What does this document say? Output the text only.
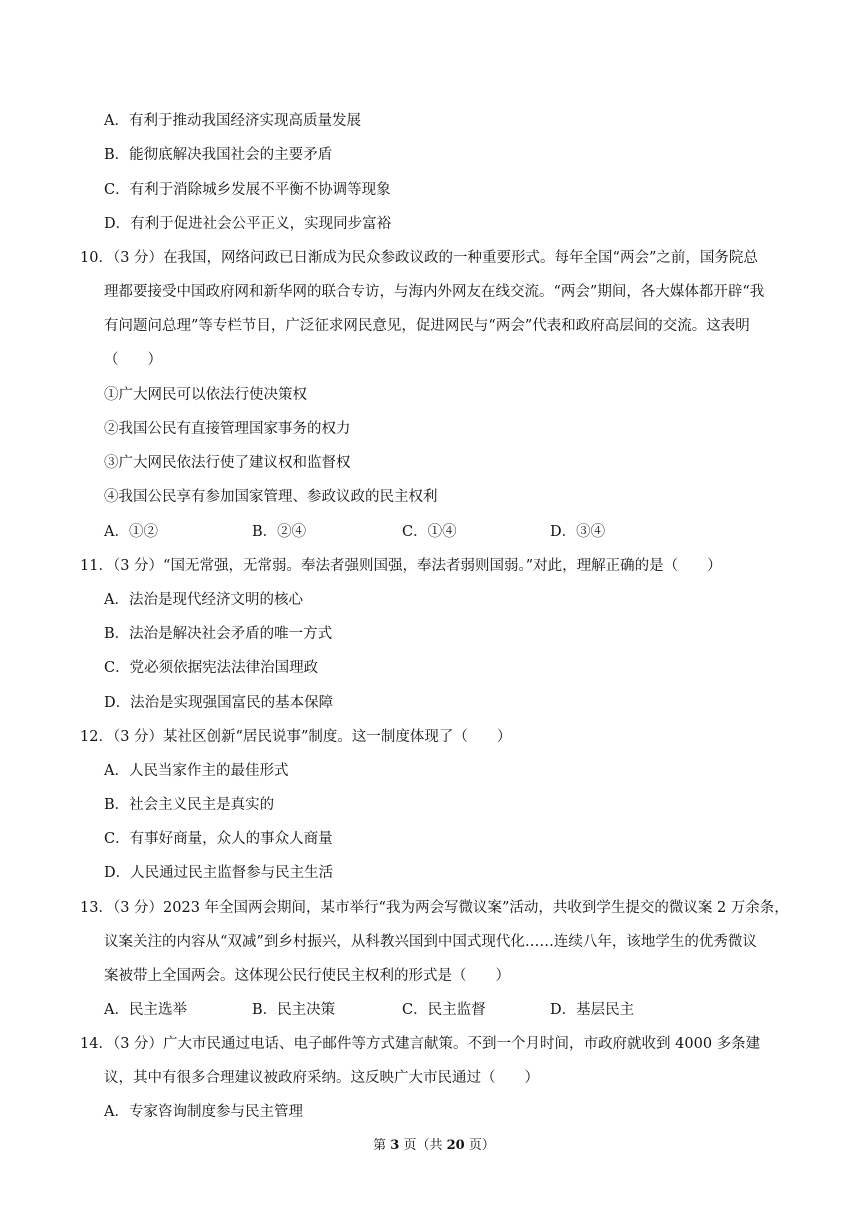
A．有利于推动我国经济实现高质量发展
B．能彻底解决我国社会的主要矛盾
C．有利于消除城乡发展不平衡不协调等现象
D．有利于促进社会公平正义，实现同步富裕
10．（3 分）在我国，网络问政已日渐成为民众参政议政的一种重要形式。每年全国“两会”之前，国务院总
理都要接受中国政府网和新华网的联合专访，与海内外网友在线交流。“两会”期间，各大媒体都开辟“我
有问题问总理”等专栏节目，广泛征求网民意见，促进网民与“两会”代表和政府高层间的交流。这表明
（　　）
①广大网民可以依法行使决策权
②我国公民有直接管理国家事务的权力
③广大网民依法行使了建议权和监督权
④我国公民享有参加国家管理、参政议政的民主权利
A．①②	B．②④	C．①④	D．③④
11．（3 分）“国无常强，无常弱。奉法者强则国强，奉法者弱则国弱。”对此，理解正确的是（　　）
A．法治是现代经济文明的核心
B．法治是解决社会矛盾的唯一方式
C．党必须依据宪法法律治国理政
D．法治是实现强国富民的基本保障
12．（3 分）某社区创新“居民说事”制度。这一制度体现了（　　）
A．人民当家作主的最佳形式
B．社会主义民主是真实的
C．有事好商量，众人的事众人商量
D．人民通过民主监督参与民主生活
13．（3 分）2023 年全国两会期间，某市举行“我为两会写微议案”活动，共收到学生提交的微议案 2 万余条，
议案关注的内容从“双减”到乡村振兴，从科教兴国到中国式现代化……连续八年，该地学生的优秀微议
案被带上全国两会。这体现公民行使民主权利的形式是（　　）
A．民主选举	B．民主决策	C．民主监督	D．基层民主
14．（3 分）广大市民通过电话、电子邮件等方式建言献策。不到一个月时间，市政府就收到 4000 多条建
议，其中有很多合理建议被政府采纳。这反映广大市民通过（　　）
A．专家咨询制度参与民主管理
第 3 页（共 20 页）
